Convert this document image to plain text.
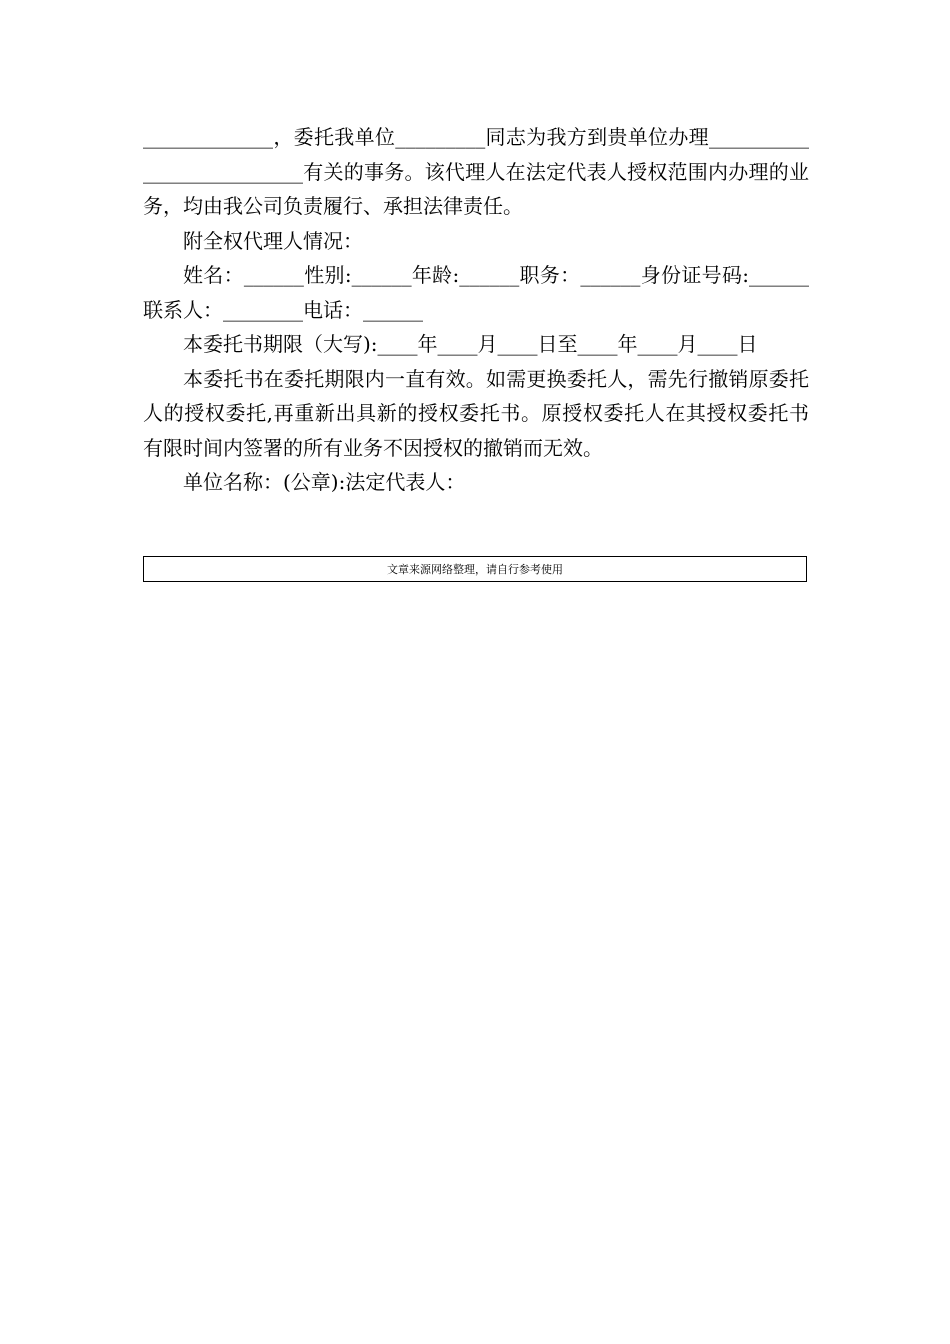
_____________，委托我单位_________同志为我方到贵单位办理__________________________有关的事务。该代理人在法定代表人授权范围内办理的业务，均由我公司负责履行、承担法律责任。

附全权代理人情况：

姓名：______性别:______年龄:______职务：______身份证号码:______ 联系人：________电话：______

本委托书期限（大写):____年____月____日至____年____月____日

本委托书在委托期限内一直有效。如需更换委托人，需先行撤销原委托人的授权委托,再重新出具新的授权委托书。原授权委托人在其授权委托书有限时间内签署的所有业务不因授权的撤销而无效。

单位名称：(公章):法定代表人：

文章来源网络整理，请自行参考使用
